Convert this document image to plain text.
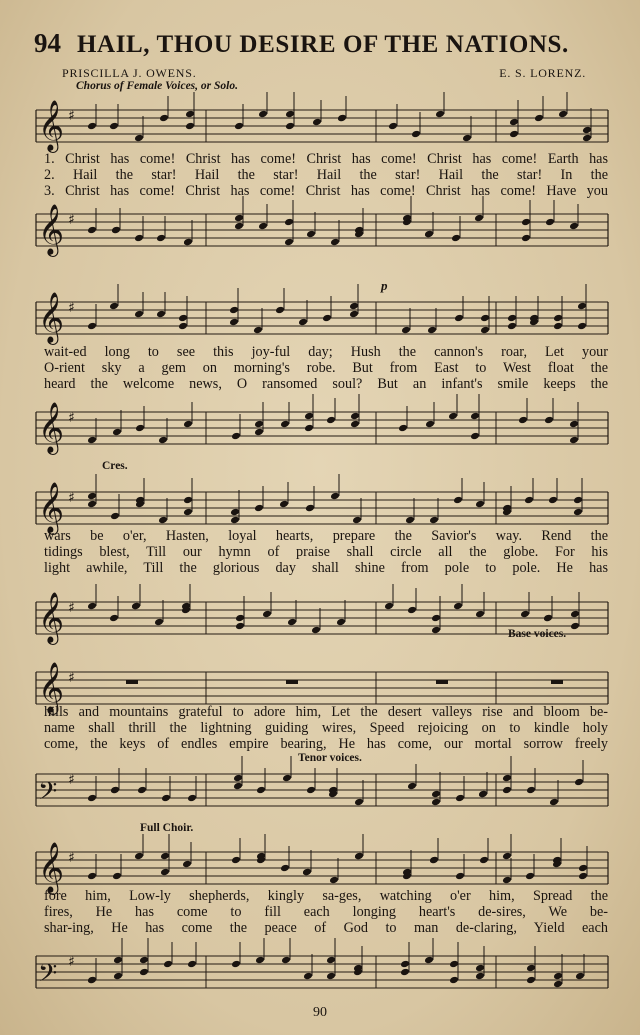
94 HAIL, THOU DESIRE OF THE NATIONS.
PRISCILLA J. OWENS.	E. S. LORENZ.
Chorus of Female Voices, or Solo.
𝄞 ♯
1. Christ has come! Christ has come! Christ has come! Christ has come! Earth has
2. Hail the star! Hail the star! Hail the star! Hail the star! In the
3. Christ has come! Christ has come! Christ has come! Christ has come! Have you
𝄞 ♯
p
𝄞 ♯
wait-ed long to see this joy-ful day; Hush the cannon's roar, Let your
O-rient sky a gem on morning's robe. But from East to West float the
heard the welcome news, O ransomed soul? But an infant's smile keeps the
𝄞 ♯
Cres.
𝄞 ♯
wars be o'er, Hasten, loyal hearts, prepare the Savior's way. Rend the
tidings blest, Till our hymn of praise shall circle all the globe. For his
light awhile, Till the glorious day shall shine from pole to pole. He has
𝄞 ♯
Base voices.
𝄞 ♯
hills and mountains grateful to adore him, Let the desert valleys rise and bloom be-
name shall thrill the lightning guiding wires, Speed rejoicing on to kindle holy
come, the keys of endles empire bearing, He has come, our mortal sorrow freely
Tenor voices.
𝄢 ♯
Full Choir.
𝄞 ♯
fore him, Low-ly shepherds, kingly sa-ges, watching o'er him, Spread the
fires, He has come to fill each longing heart's de-sires, We be-
shar-ing, He has come the peace of God to man de-claring, Yield each
𝄢 ♯
90
